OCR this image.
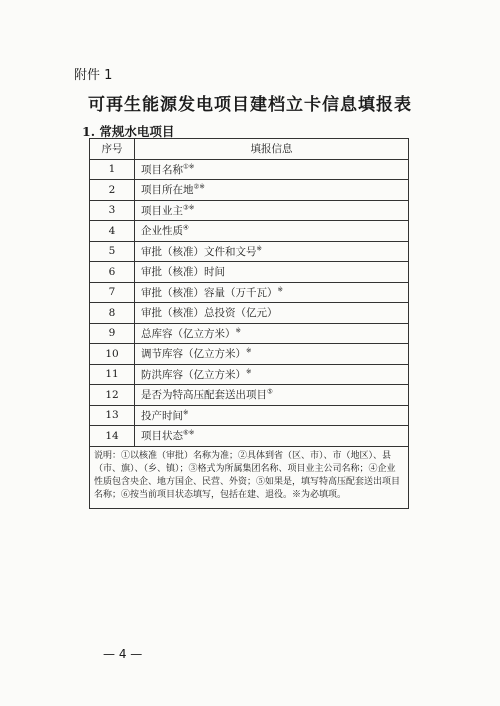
附件 1
可再生能源发电项目建档立卡信息填报表
1. 常规水电项目
序号	填报信息
1	项目名称①※
2	项目所在地②※
3	项目业主③※
4	企业性质④
5	审批（核准）文件和文号※
6	审批（核准）时间
7	审批（核准）容量（万千瓦）※
8	审批（核准）总投资（亿元）
9	总库容（亿立方米）※
10	调节库容（亿立方米）※
11	防洪库容（亿立方米）※
12	是否为特高压配套送出项目⑤
13	投产时间※
14	项目状态⑥※
说明：①以核准（审批）名称为准；②具体到省（区、市）、市（地区）、县（市、旗）、（乡、镇）；③格式为所属集团名称、项目业主公司名称；④企业性质包含央企、地方国企、民营、外资；⑤如果是，填写特高压配套送出项目名称；⑥按当前项目状态填写，包括在建、退役。※为必填项。	
— 4 —
